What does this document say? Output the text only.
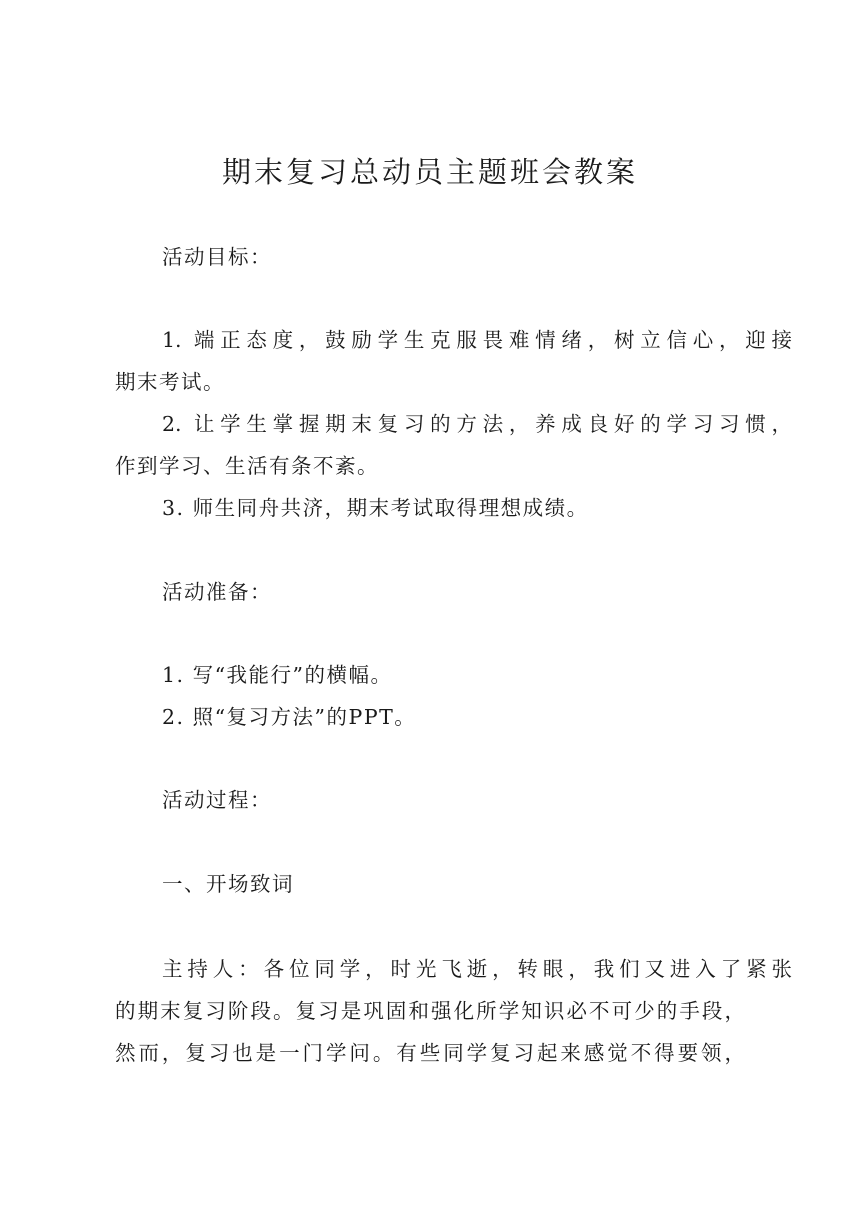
期末复习总动员主题班会教案
活动目标：
1. 端正态度，鼓励学生克服畏难情绪，树立信心，迎接
期末考试。
2. 让学生掌握期末复习的方法，养成良好的学习习惯，
作到学习、生活有条不紊。
3. 师生同舟共济，期末考试取得理想成绩。
活动准备：
1. 写“我能行”的横幅。
2. 照“复习方法”的PPT。
活动过程：
一、开场致词
主持人：各位同学，时光飞逝，转眼，我们又进入了紧张
的期末复习阶段。复习是巩固和强化所学知识必不可少的手段，
然而，复习也是一门学问。有些同学复习起来感觉不得要领，
